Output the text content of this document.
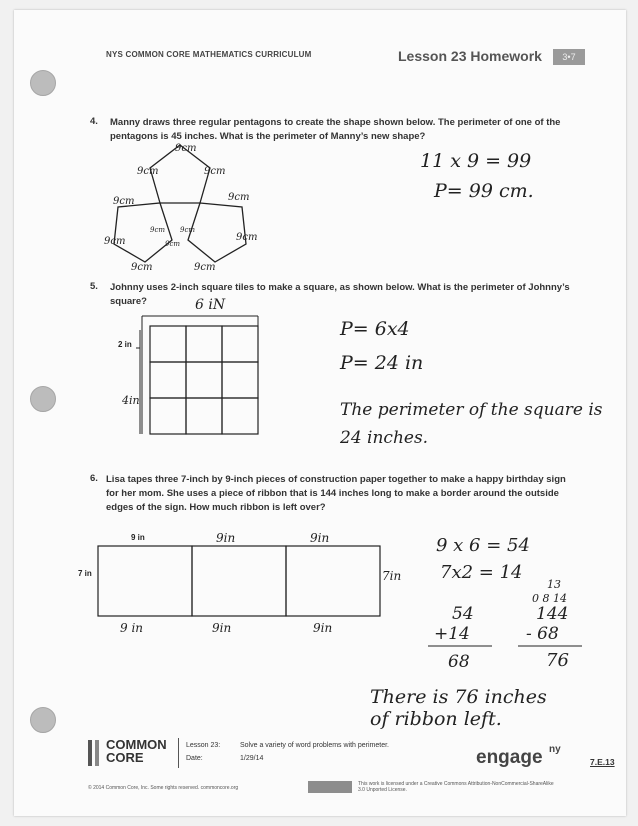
NYS COMMON CORE MATHEMATICS CURRICULUM	Lesson 23 Homework	3•7
4. Manny draws three regular pentagons to create the shape shown below. The perimeter of one of the pentagons is 45 inches. What is the perimeter of Manny’s new shape?
9cm
9cm	9cm
9cm	9cm
9cm	9cm
9cm	9cm
9cm
9cm
9cm
11 x 9 = 99
P= 99 cm.
5. Johnny uses 2-inch square tiles to make a square, as shown below. What is the perimeter of Johnny’s square?	6 iN
2 in
4in
P= 6x4
P= 24 in
The perimeter of the square is
24 inches.
6. Lisa tapes three 7-inch by 9-inch pieces of construction paper together to make a happy birthday sign for her mom. She uses a piece of ribbon that is 144 inches long to make a border around the outside edges of the sign. How much ribbon is left over?
9 in	9in	9in
7 in	7in
9 in	9in	9in
9 x 6 = 54
7x2 = 14
13
0 8 14
54
+14
68
144
- 68
76
There is 76 inches
of ribbon left.
COMMON
CORE
Lesson 23:
Date:
Solve a variety of word problems with perimeter.
1/29/14	engage ny
7.E.13
© 2014 Common Core, Inc. Some rights reserved. commoncore.org
This work is licensed under a Creative Commons Attribution-NonCommercial-ShareAlike 3.0 Unported License.
